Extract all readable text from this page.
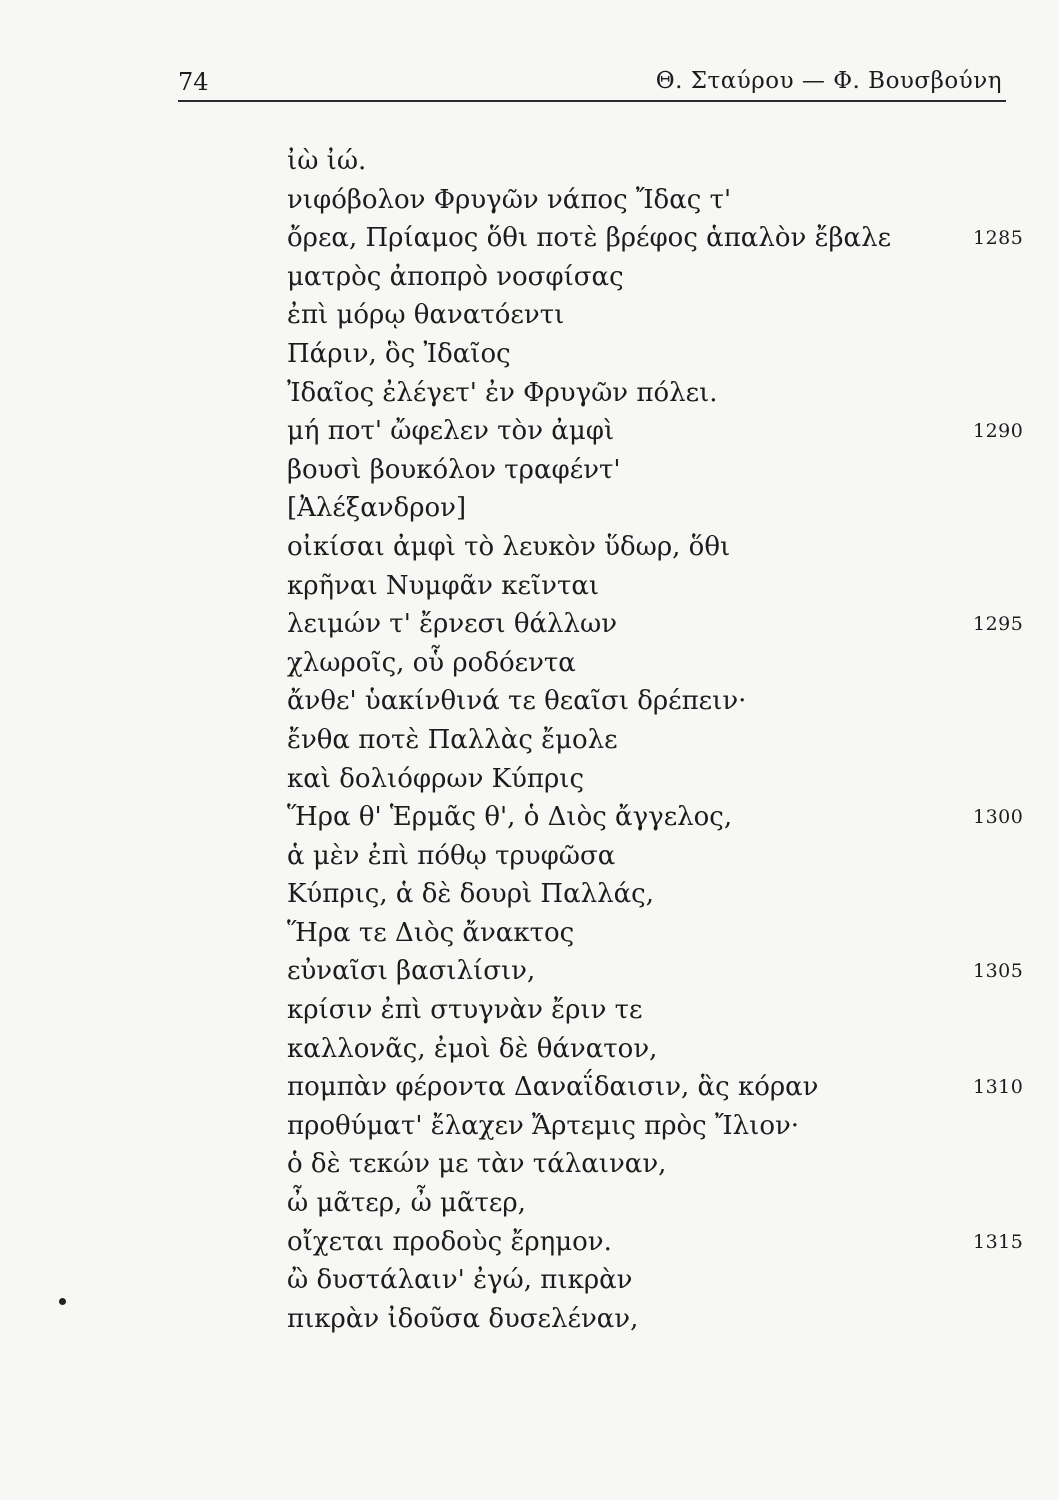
74	Θ. Σταύρου — Φ. Βουσβούνη
ἰὼ ἰώ.
νιφόβολον Φρυγῶν νάπος Ἴδας τ'
ὄρεα, Πρίαμος ὅθι ποτὲ βρέφος ἁπαλὸν ἔβαλε	1285
ματρὸς ἀποπρὸ νοσφίσας
ἐπὶ μόρῳ θανατόεντι
Πάριν, ὃς Ἰδαῖος
Ἰδαῖος ἐλέγετ' ἐν Φρυγῶν πόλει.
μή ποτ' ὤφελεν τὸν ἀμφὶ	1290
βουσὶ βουκόλον τραφέντ'
[Ἀλέξανδρον]
οἰκίσαι ἀμφὶ τὸ λευκὸν ὕδωρ, ὅθι
κρῆναι Νυμφᾶν κεῖνται
λειμών τ' ἔρνεσι θάλλων	1295
χλωροῖς, οὗ ροδόεντα
ἄνθε' ὑακίνθινά τε θεαῖσι δρέπειν·
ἔνθα ποτὲ Παλλὰς ἔμολε
καὶ δολιόφρων Κύπρις
Ἥρα θ' Ἑρμᾶς θ', ὁ Διὸς ἄγγελος,	1300
ἁ μὲν ἐπὶ πόθῳ τρυφῶσα
Κύπρις, ἁ δὲ δουρὶ Παλλάς,
Ἥρα τε Διὸς ἄνακτος
εὐναῖσι βασιλίσιν,	1305
κρίσιν ἐπὶ στυγνὰν ἔριν τε
καλλονᾶς, ἐμοὶ δὲ θάνατον,
πομπὰν φέροντα Δαναΐδαισιν, ἃς κόραν	1310
προθύματ' ἔλαχεν Ἄρτεμις πρὸς Ἴλιον·
ὁ δὲ τεκών με τὰν τάλαιναν,
ὦ μᾶτερ, ὦ μᾶτερ,
οἴχεται προδοὺς ἔρημον.	1315
ὢ δυστάλαιν' ἐγώ, πικρὰν
πικρὰν ἰδοῦσα δυσελέναν,
